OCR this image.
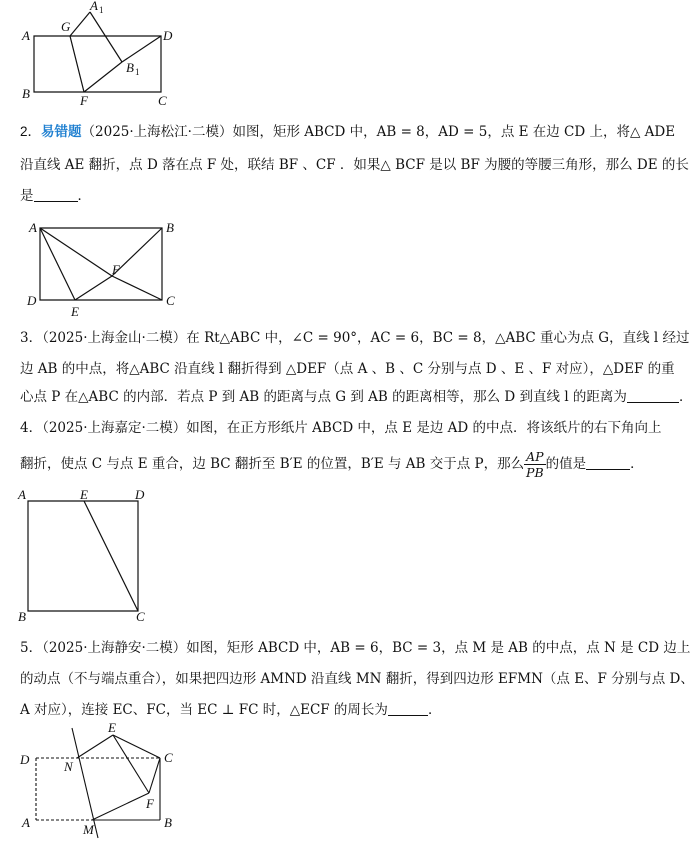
A
A 1
G
D
B 1
B	F	C
2．易错题（2025·上海松江·二模）如图，矩形 ABCD 中，AB = 8，AD = 5，点 E 在边 CD 上，将△ ADE
沿直线 AE 翻折，点 D 落在点 F 处，联结 BF 、CF ．如果△ BCF 是以 BF 为腰的等腰三角形，那么 DE 的长
是	．
A	B
F
D	C
E
3．（2025·上海金山·二模）在 Rt△ABC 中，∠C = 90°，AC = 6，BC = 8，△ABC 重心为点 G，直线 l 经过
边 AB 的中点，将△ABC 沿直线 l 翻折得到 △DEF（点 A 、B 、C 分别与点 D 、E 、F 对应），△DEF 的重
心点 P 在△ABC 的内部．若点 P 到 AB 的距离与点 G 到 AB 的距离相等，那么 D 到直线 l 的距离为	．
4．（2025·上海嘉定·二模）如图，在正方形纸片 ABCD 中，点 E 是边 AD 的中点．将该纸片的右下角向上
翻折，使点 C 与点 E 重合，边 BC 翻折至 B′E 的位置，B′E 与 AB 交于点 P，那么 $\frac{AP}{PB}$ 的值是	．
A	E	D
B	C
5．（2025·上海静安·二模）如图，矩形 ABCD 中，AB = 6，BC = 3，点 M 是 AB 的中点，点 N 是 CD 边上
的动点（不与端点重合），如果把四边形 AMND 沿直线 MN 翻折，得到四边形 EFMN（点 E、F 分别与点 D、
A 对应），连接 EC、FC，当 EC ⊥ FC 时，△ECF 的周长为	．
D
E
C
N
F
A	M	B
